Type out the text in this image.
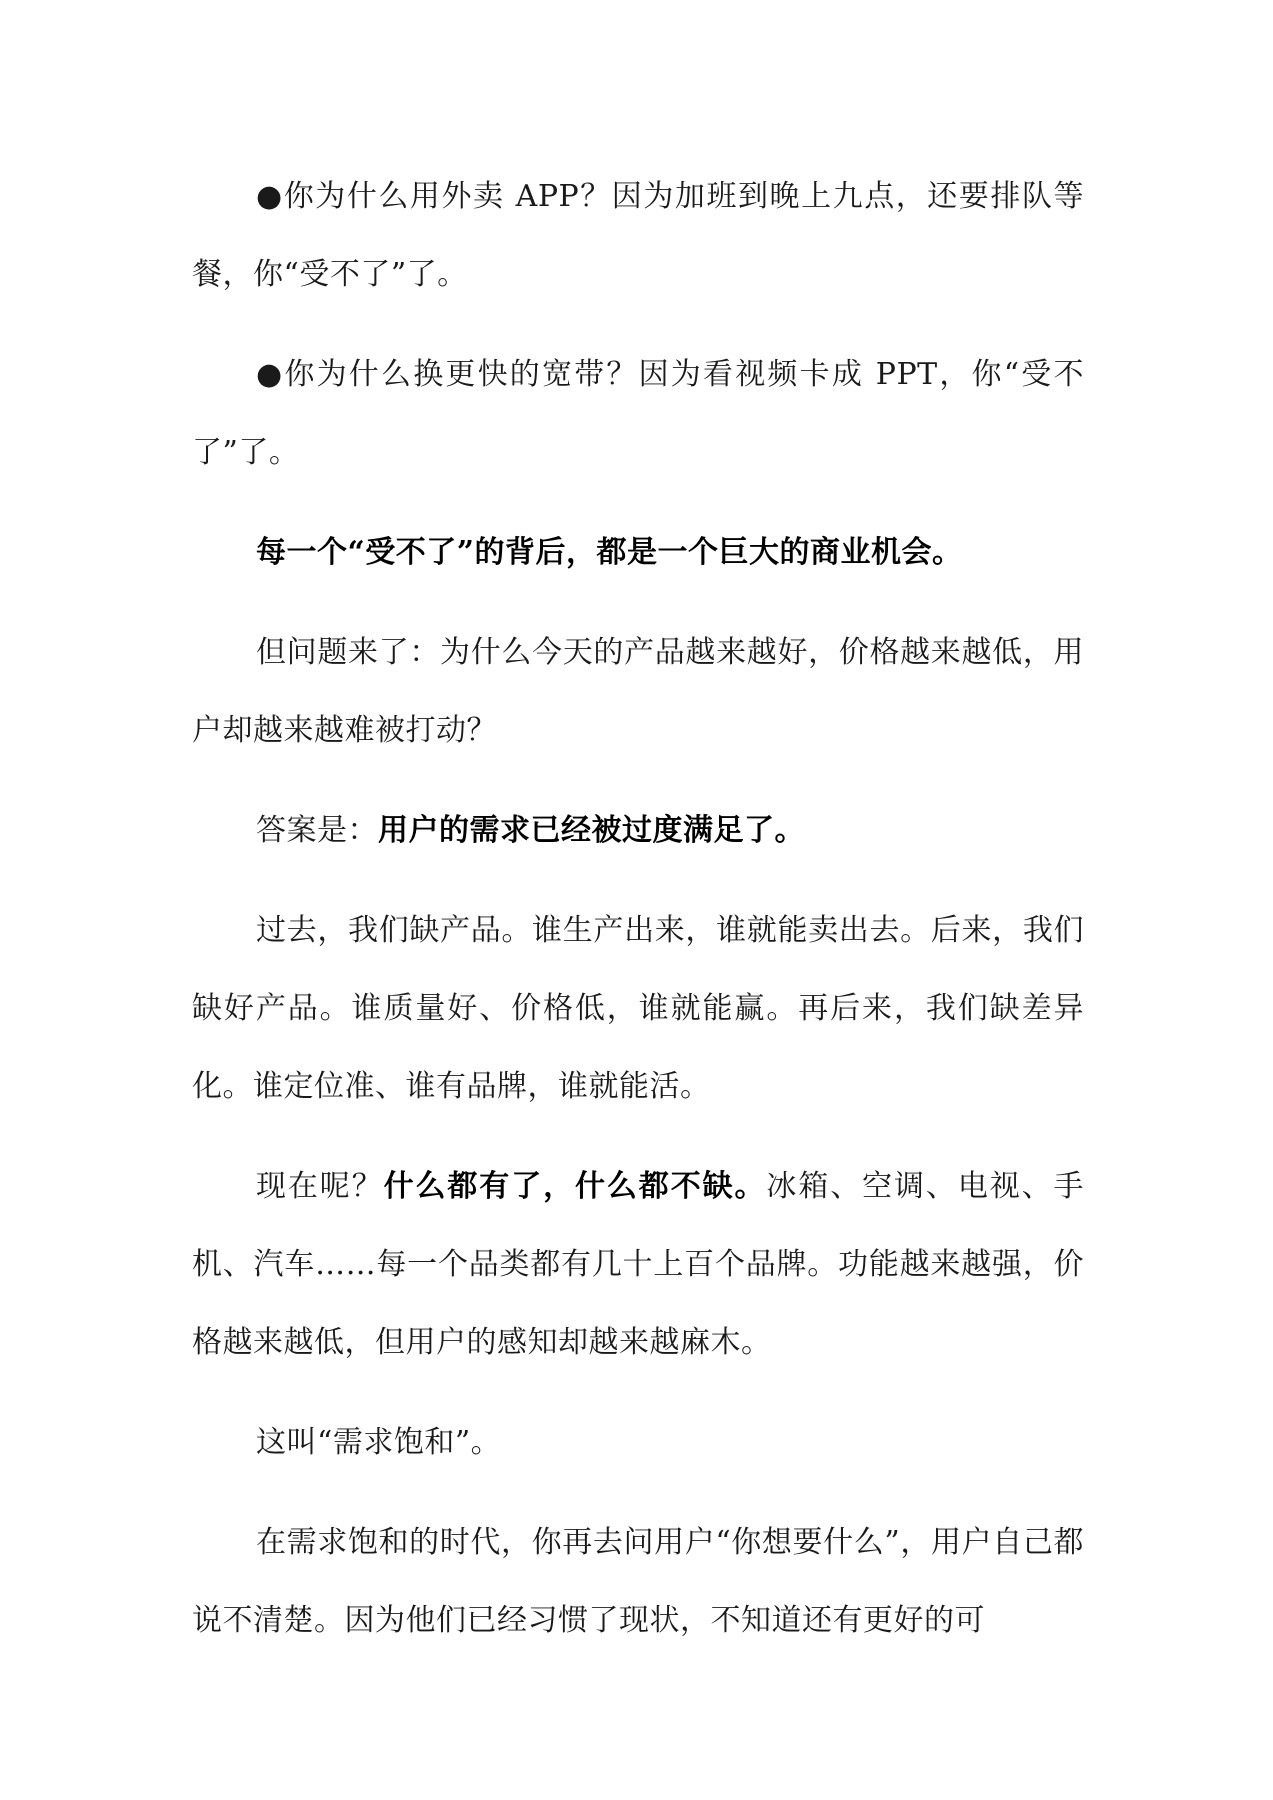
●你为什么用外卖 APP？因为加班到晚上九点，还要排队等餐，你“受不了”了。

●你为什么换更快的宽带？因为看视频卡成 PPT，你“受不了”了。

每一个“受不了”的背后，都是一个巨大的商业机会。

但问题来了：为什么今天的产品越来越好，价格越来越低，用户却越来越难被打动？

答案是：用户的需求已经被过度满足了。

过去，我们缺产品。谁生产出来，谁就能卖出去。后来，我们缺好产品。谁质量好、价格低，谁就能赢。再后来，我们缺差异化。谁定位准、谁有品牌，谁就能活。

现在呢？什么都有了，什么都不缺。冰箱、空调、电视、手机、汽车……每一个品类都有几十上百个品牌。功能越来越强，价格越来越低，但用户的感知却越来越麻木。

这叫“需求饱和”。

在需求饱和的时代，你再去问用户“你想要什么”，用户自己都说不清楚。因为他们已经习惯了现状，不知道还有更好的可
